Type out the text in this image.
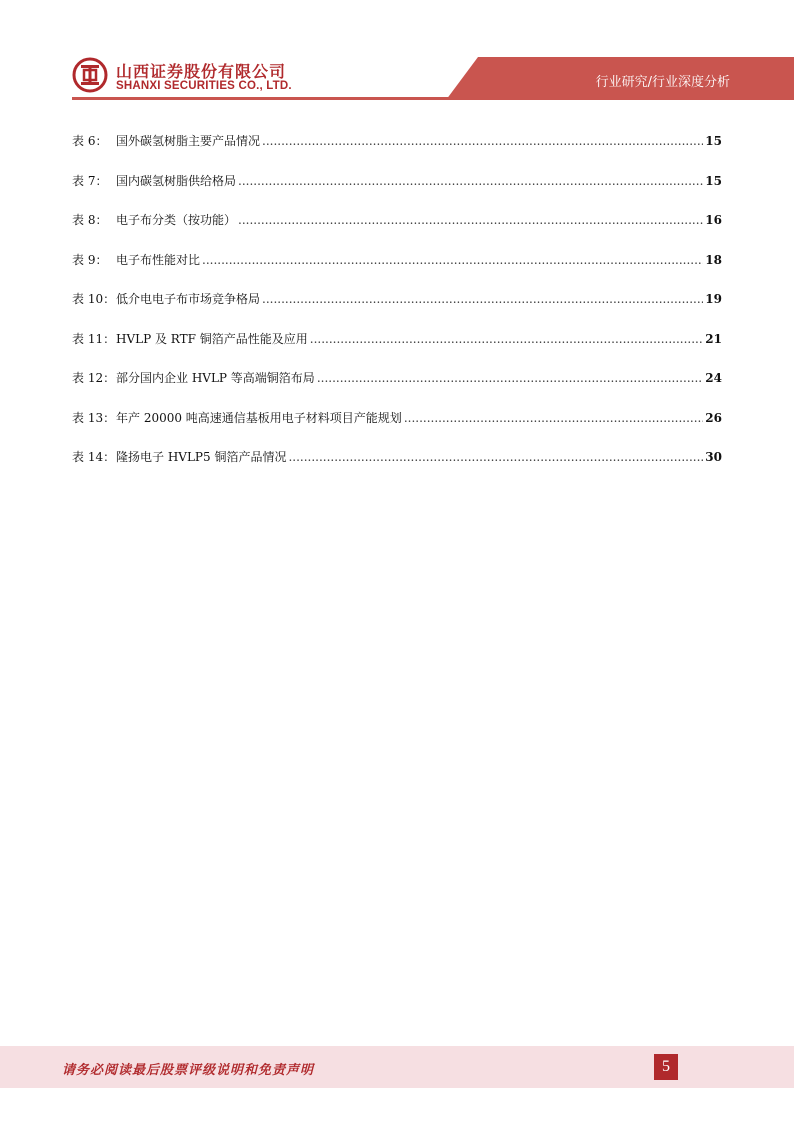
山西证券股份有限公司
SHANXI SECURITIES CO., LTD.	行业研究/行业深度分析
表 6： 国外碳氢树脂主要产品情况 .....	15
表 7： 国内碳氢树脂供给格局 .....	15
表 8： 电子布分类（按功能） .....	16
表 9： 电子布性能对比 .....	18
表 10： 低介电电子布市场竞争格局 .....	19
表 11： HVLP 及 RTF 铜箔产品性能及应用 .....	21
表 12： 部分国内企业 HVLP 等高端铜箔布局 .....	24
表 13： 年产 20000 吨高速通信基板用电子材料项目产能规划 .....	26
表 14： 隆扬电子 HVLP5 铜箔产品情况 .....	30
请务必阅读最后股票评级说明和免责声明	5
